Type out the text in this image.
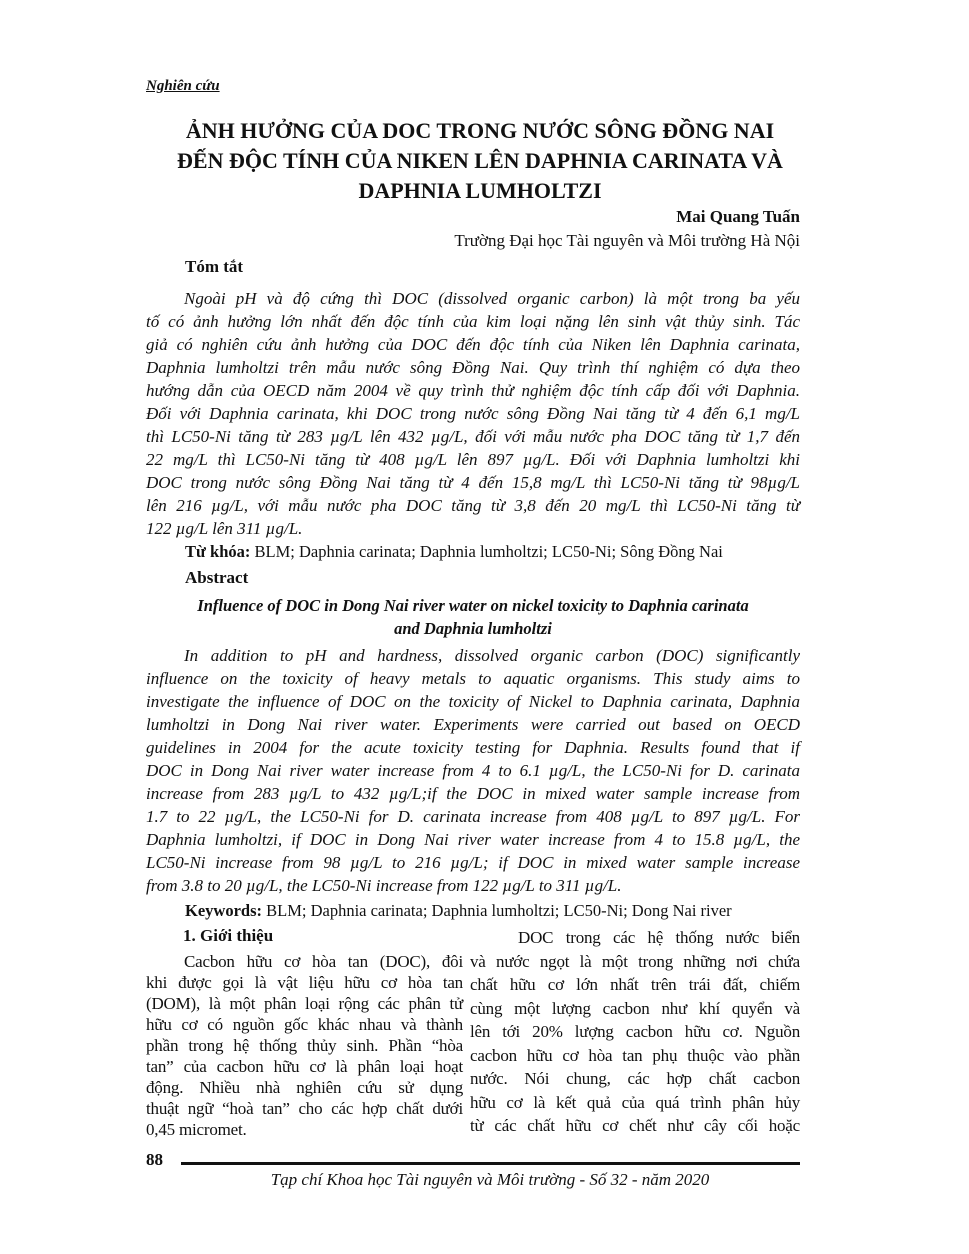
Nghiên cứu
ẢNH HƯỞNG CỦA DOC TRONG NƯỚC SÔNG ĐỒNG NAI
ĐẾN ĐỘC TÍNH CỦA NIKEN LÊN DAPHNIA CARINATA VÀ
DAPHNIA LUMHOLTZI
Mai Quang Tuấn
Trường Đại học Tài nguyên và Môi trường Hà Nội
Tóm tắt
Ngoài pH và độ cứng thì DOC (dissolved organic carbon) là một trong ba yếu
tố có ảnh hưởng lớn nhất đến độc tính của kim loại nặng lên sinh vật thủy sinh. Tác
giả có nghiên cứu ảnh hưởng của DOC đến độc tính của Niken lên Daphnia carinata,
Daphnia lumholtzi trên mẫu nước sông Đồng Nai. Quy trình thí nghiệm có dựa theo
hướng dẫn của OECD năm 2004 về quy trình thử nghiệm độc tính cấp đối với Daphnia.
Đối với Daphnia carinata, khi DOC trong nước sông Đồng Nai tăng từ 4 đến 6,1 mg/L
thì LC50-Ni tăng từ 283 µg/L lên 432 µg/L, đối với mẫu nước pha DOC tăng từ 1,7 đến
22 mg/L thì LC50-Ni tăng từ 408 µg/L lên 897 µg/L. Đối với Daphnia lumholtzi khi
DOC trong nước sông Đồng Nai tăng từ 4 đến 15,8 mg/L thì LC50-Ni tăng từ 98µg/L
lên 216 µg/L, với mẫu nước pha DOC tăng từ 3,8 đến 20 mg/L thì LC50-Ni tăng từ
122 µg/L lên 311 µg/L.
Từ khóa: BLM; Daphnia carinata; Daphnia lumholtzi; LC50-Ni; Sông Đồng Nai
Abstract
Influence of DOC in Dong Nai river water on nickel toxicity to Daphnia carinata
and Daphnia lumholtzi
In addition to pH and hardness, dissolved organic carbon (DOC) significantly
influence on the toxicity of heavy metals to aquatic organisms. This study aims to
investigate the influence of DOC on the toxicity of Nickel to Daphnia carinata, Daphnia
lumholtzi in Dong Nai river water. Experiments were carried out based on OECD
guidelines in 2004 for the acute toxicity testing for Daphnia. Results found that if
DOC in Dong Nai river water increase from 4 to 6.1 µg/L, the LC50-Ni for D. carinata
increase from 283 µg/L to 432 µg/L;if the DOC in mixed water sample increase from
1.7 to 22 µg/L, the LC50-Ni for D. carinata increase from 408 µg/L to 897 µg/L. For
Daphnia lumholtzi, if DOC in Dong Nai river water increase from 4 to 15.8 µg/L, the
LC50-Ni increase from 98 µg/L to 216 µg/L; if DOC in mixed water sample increase
from 3.8 to 20 µg/L, the LC50-Ni increase from 122 µg/L to 311 µg/L.
Keywords: BLM; Daphnia carinata; Daphnia lumholtzi; LC50-Ni; Dong Nai river
1. Giới thiệu
Cacbon hữu cơ hòa tan (DOC), đôi
khi được gọi là vật liệu hữu cơ hòa tan
(DOM), là một phân loại rộng các phân tử
hữu cơ có nguồn gốc khác nhau và thành
phần trong hệ thống thủy sinh. Phần “hòa
tan” của cacbon hữu cơ là phân loại hoạt
động. Nhiều nhà nghiên cứu sử dụng
thuật ngữ “hoà tan” cho các hợp chất dưới
0,45 micromet.
DOC trong các hệ thống nước biển
và nước ngọt là một trong những nơi chứa
chất hữu cơ lớn nhất trên trái đất, chiếm
cùng một lượng cacbon như khí quyển và
lên tới 20% lượng cacbon hữu cơ. Nguồn
cacbon hữu cơ hòa tan phụ thuộc vào phần
nước. Nói chung, các hợp chất cacbon
hữu cơ là kết quả của quá trình phân hủy
từ các chất hữu cơ chết như cây cối hoặc
88
Tạp chí Khoa học Tài nguyên và Môi trường - Số 32 - năm 2020
